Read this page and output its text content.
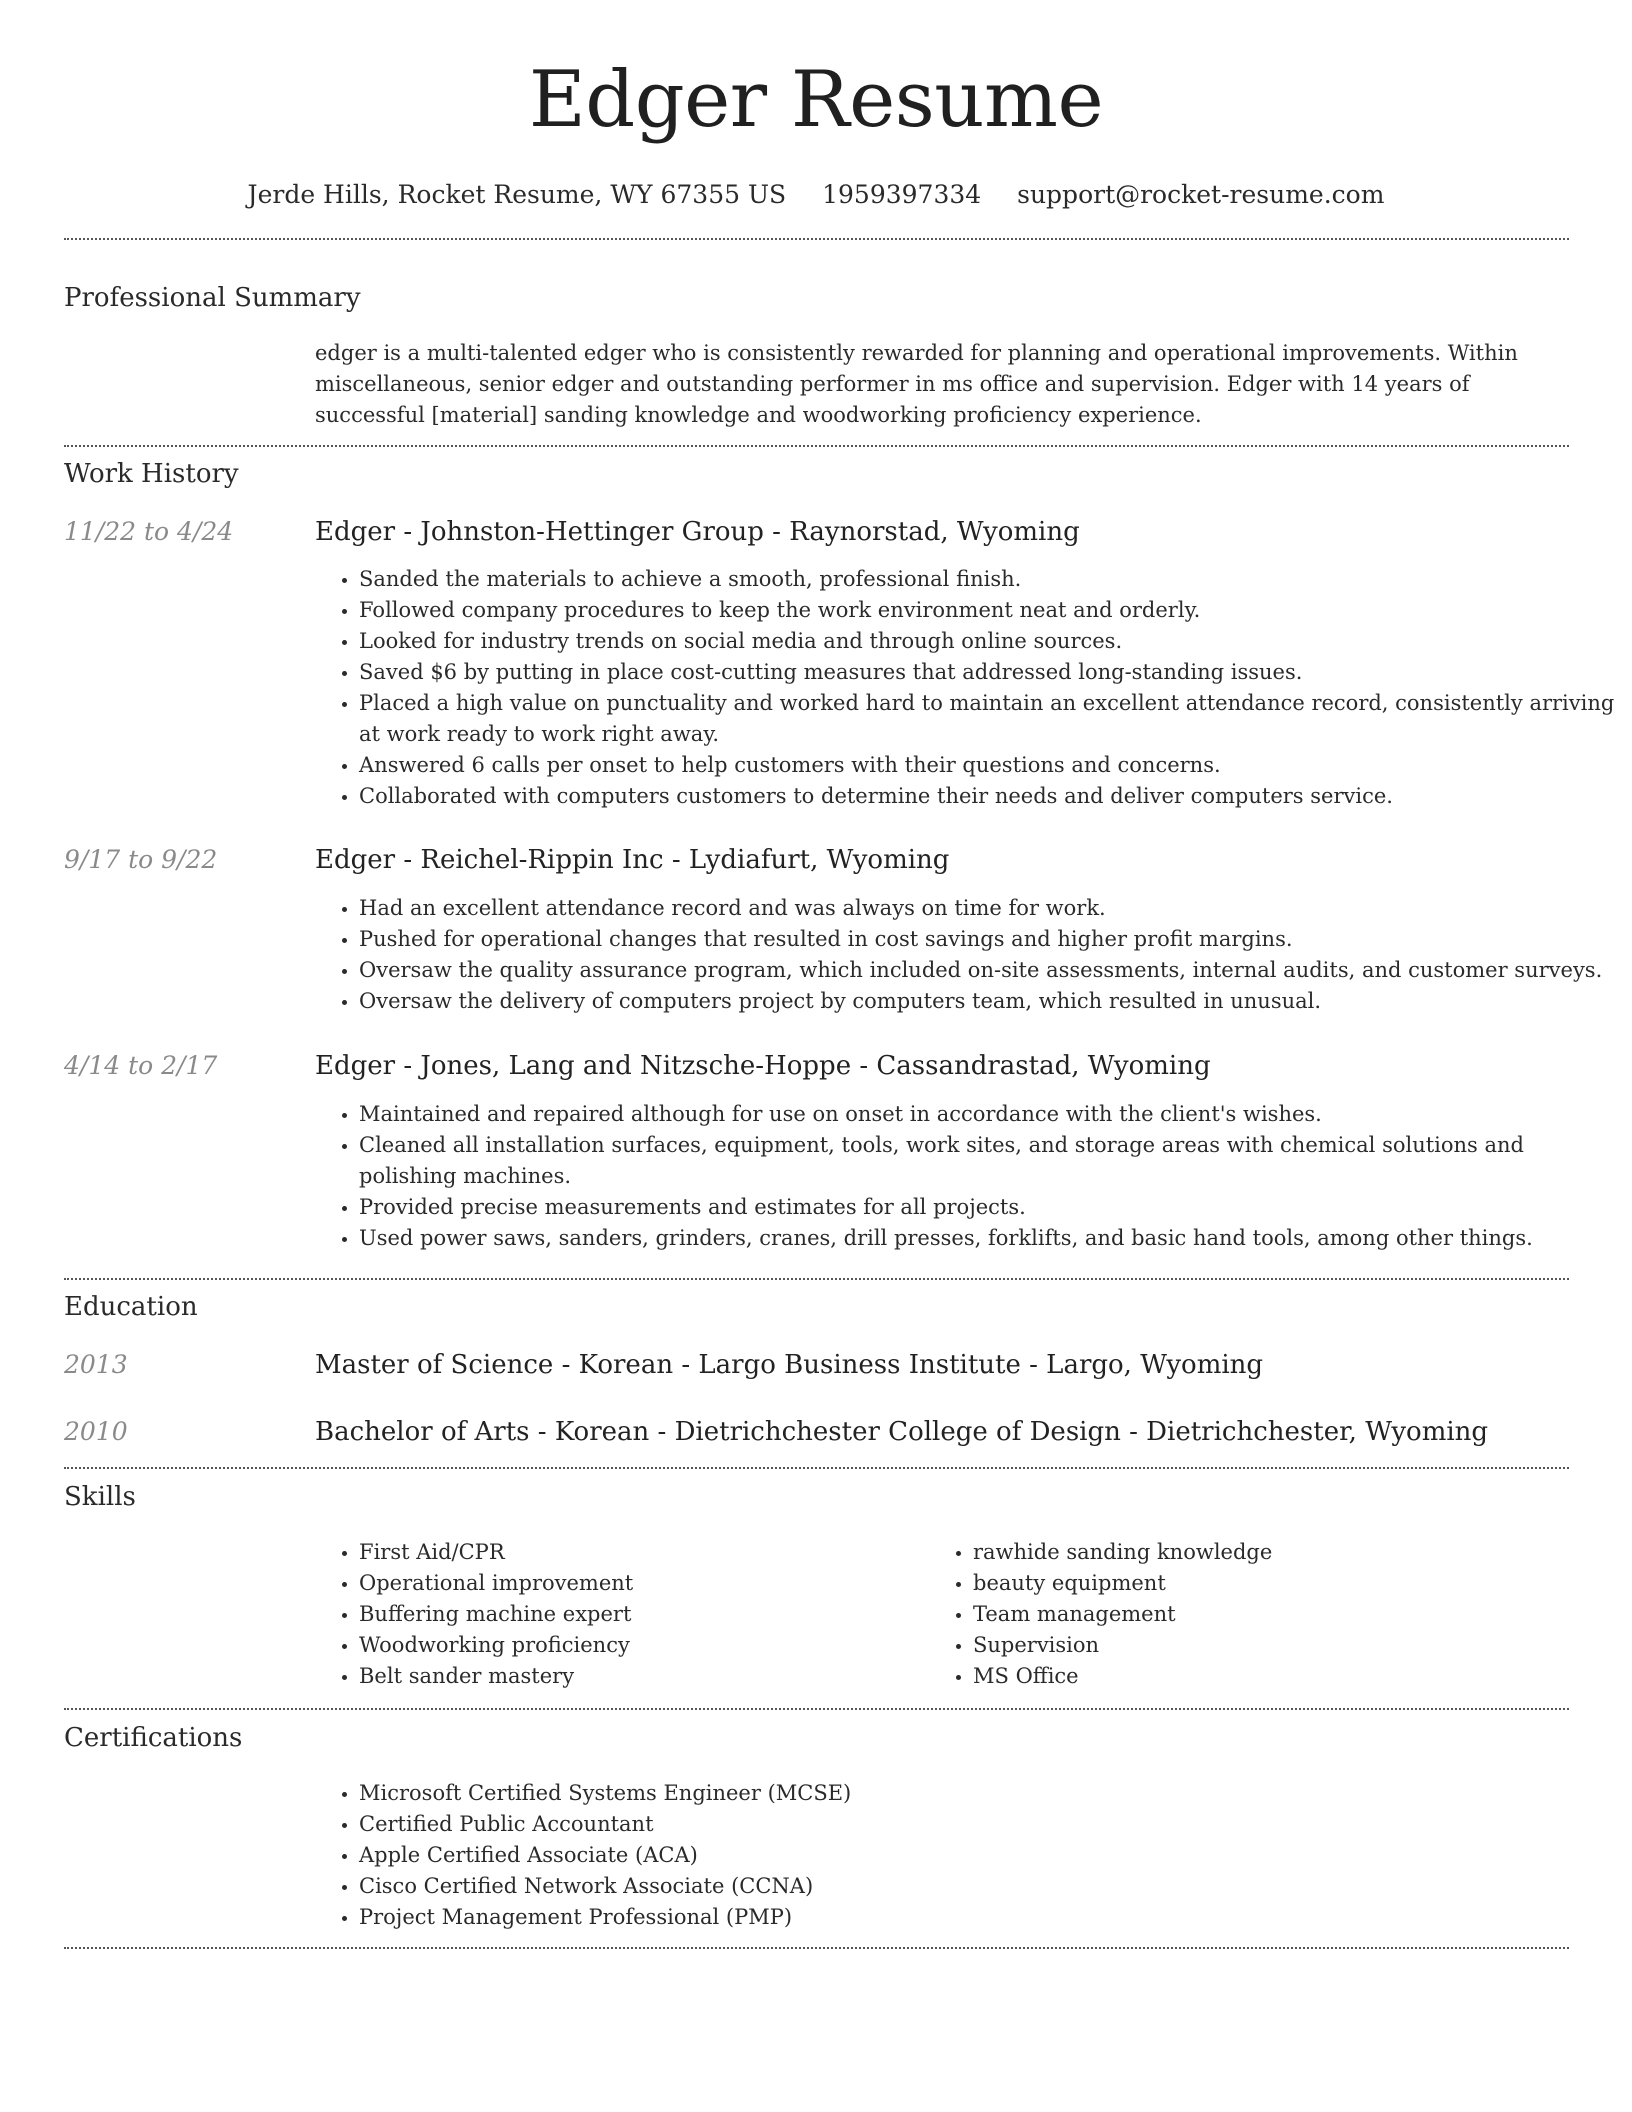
Edger Resume
Jerde Hills, Rocket Resume, WY 67355 US 1959397334 support@rocket-resume.com
Professional Summary

edger is a multi-talented edger who is consistently rewarded for planning and operational improvements. Within miscellaneous, senior edger and outstanding performer in ms office and supervision. Edger with 14 years of successful [material] sanding knowledge and woodworking proficiency experience.

Work History
11/22 to 4/24	Edger - Johnston-Hettinger Group - Raynorstad, Wyoming
• Sanded the materials to achieve a smooth, professional finish.
• Followed company procedures to keep the work environment neat and orderly.
• Looked for industry trends on social media and through online sources.
• Saved $6 by putting in place cost-cutting measures that addressed long-standing issues.
• Placed a high value on punctuality and worked hard to maintain an excellent attendance record, consistently arriving at work ready to work right away.
• Answered 6 calls per onset to help customers with their questions and concerns.
• Collaborated with computers customers to determine their needs and deliver computers service.
9/17 to 9/22	Edger - Reichel-Rippin Inc - Lydiafurt, Wyoming
• Had an excellent attendance record and was always on time for work.
• Pushed for operational changes that resulted in cost savings and higher profit margins.
• Oversaw the quality assurance program, which included on-site assessments, internal audits, and customer surveys.
• Oversaw the delivery of computers project by computers team, which resulted in unusual.
4/14 to 2/17	Edger - Jones, Lang and Nitzsche-Hoppe - Cassandrastad, Wyoming
• Maintained and repaired although for use on onset in accordance with the client's wishes.
• Cleaned all installation surfaces, equipment, tools, work sites, and storage areas with chemical solutions and polishing machines.
• Provided precise measurements and estimates for all projects.
• Used power saws, sanders, grinders, cranes, drill presses, forklifts, and basic hand tools, among other things.
Education
2013	Master of Science - Korean - Largo Business Institute - Largo, Wyoming
2010	Bachelor of Arts - Korean - Dietrichchester College of Design - Dietrichchester, Wyoming
Skills
• First Aid/CPR
• Operational improvement
• Buffering machine expert
• Woodworking proficiency
• Belt sander mastery
• rawhide sanding knowledge
• beauty equipment
• Team management
• Supervision
• MS Office
Certifications
• Microsoft Certified Systems Engineer (MCSE)
• Certified Public Accountant
• Apple Certified Associate (ACA)
• Cisco Certified Network Associate (CCNA)
• Project Management Professional (PMP)
